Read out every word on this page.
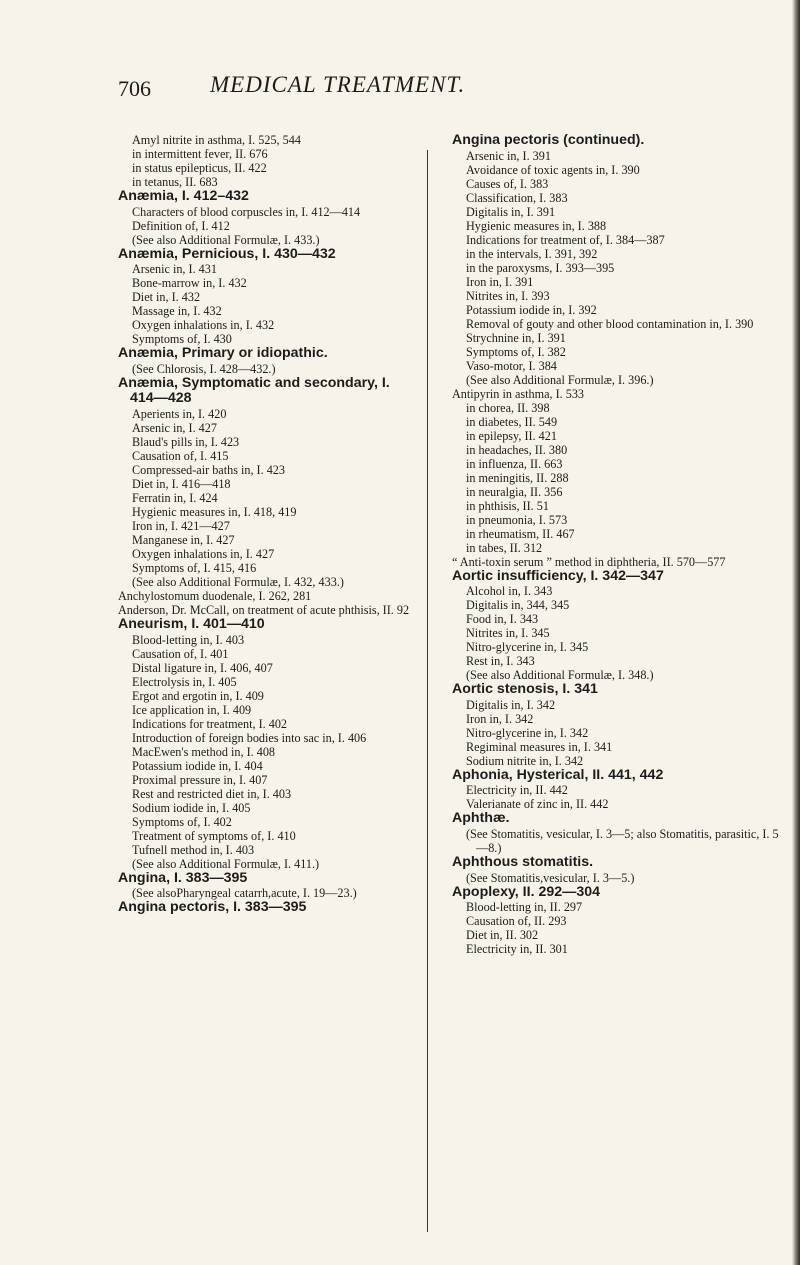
706	MEDICAL TREATMENT.

Amyl nitrite in asthma, I. 525, 544

in intermittent fever, II. 676

in status epilepticus, II. 422

in tetanus, II. 683

Anæmia, I. 412–432

Characters of blood corpuscles in, I. 412—414

Definition of, I. 412

(See also Additional Formulæ, I. 433.)

Anæmia, Pernicious, I. 430—432

Arsenic in, I. 431

Bone-marrow in, I. 432

Diet in, I. 432

Massage in, I. 432

Oxygen inhalations in, I. 432

Symptoms of, I. 430

Anæmia, Primary or idiopathic.

(See Chlorosis, I. 428—432.)

Anæmia, Symptomatic and secondary, I. 414—428

Aperients in, I. 420

Arsenic in, I. 427

Blaud's pills in, I. 423

Causation of, I. 415

Compressed-air baths in, I. 423

Diet in, I. 416—418

Ferratin in, I. 424

Hygienic measures in, I. 418, 419

Iron in, I. 421—427

Manganese in, I. 427

Oxygen inhalations in, I. 427

Symptoms of, I. 415, 416

(See also Additional Formulæ, I. 432, 433.)

Anchylostomum duodenale, I. 262, 281

Anderson, Dr. McCall, on treatment of acute phthisis, II. 92

Aneurism, I. 401—410

Blood-letting in, I. 403

Causation of, I. 401

Distal ligature in, I. 406, 407

Electrolysis in, I. 405

Ergot and ergotin in, I. 409

Ice application in, I. 409

Indications for treatment, I. 402

Introduction of foreign bodies into sac in, I. 406

MacEwen's method in, I. 408

Potassium iodide in, I. 404

Proximal pressure in, I. 407

Rest and restricted diet in, I. 403

Sodium iodide in, I. 405

Symptoms of, I. 402

Treatment of symptoms of, I. 410

Tufnell method in, I. 403

(See also Additional Formulæ, I. 411.)

Angina, I. 383—395

(See alsoPharyngeal catarrh,acute, I. 19—23.)

Angina pectoris, I. 383—395

Angina pectoris (continued).

Arsenic in, I. 391

Avoidance of toxic agents in, I. 390

Causes of, I. 383

Classification, I. 383

Digitalis in, I. 391

Hygienic measures in, I. 388

Indications for treatment of, I. 384—387

in the intervals, I. 391, 392

in the paroxysms, I. 393—395

Iron in, I. 391

Nitrites in, I. 393

Potassium iodide in, I. 392

Removal of gouty and other blood contamination in, I. 390

Strychnine in, I. 391

Symptoms of, I. 382

Vaso-motor, I. 384

(See also Additional Formulæ, I. 396.)

Antipyrin in asthma, I. 533

in chorea, II. 398

in diabetes, II. 549

in epilepsy, II. 421

in headaches, II. 380

in influenza, II. 663

in meningitis, II. 288

in neuralgia, II. 356

in phthisis, II. 51

in pneumonia, I. 573

in rheumatism, II. 467

in tabes, II. 312

“ Anti-toxin serum ” method in diphtheria, II. 570—577

Aortic insufficiency, I. 342—347

Alcohol in, I. 343

Digitalis in, 344, 345

Food in, I. 343

Nitrites in, I. 345

Nitro-glycerine in, I. 345

Rest in, I. 343

(See also Additional Formulæ, I. 348.)

Aortic stenosis, I. 341

Digitalis in, I. 342

Iron in, I. 342

Nitro-glycerine in, I. 342

Regiminal measures in, I. 341

Sodium nitrite in, I. 342

Aphonia, Hysterical, II. 441, 442

Electricity in, II. 442

Valerianate of zinc in, II. 442

Aphthæ.

(See Stomatitis, vesicular, I. 3—5; also Stomatitis, parasitic, I. 5—8.)

Aphthous stomatitis.

(See Stomatitis,vesicular, I. 3—5.)

Apoplexy, II. 292—304

Blood-letting in, II. 297

Causation of, II. 293

Diet in, II. 302

Electricity in, II. 301
